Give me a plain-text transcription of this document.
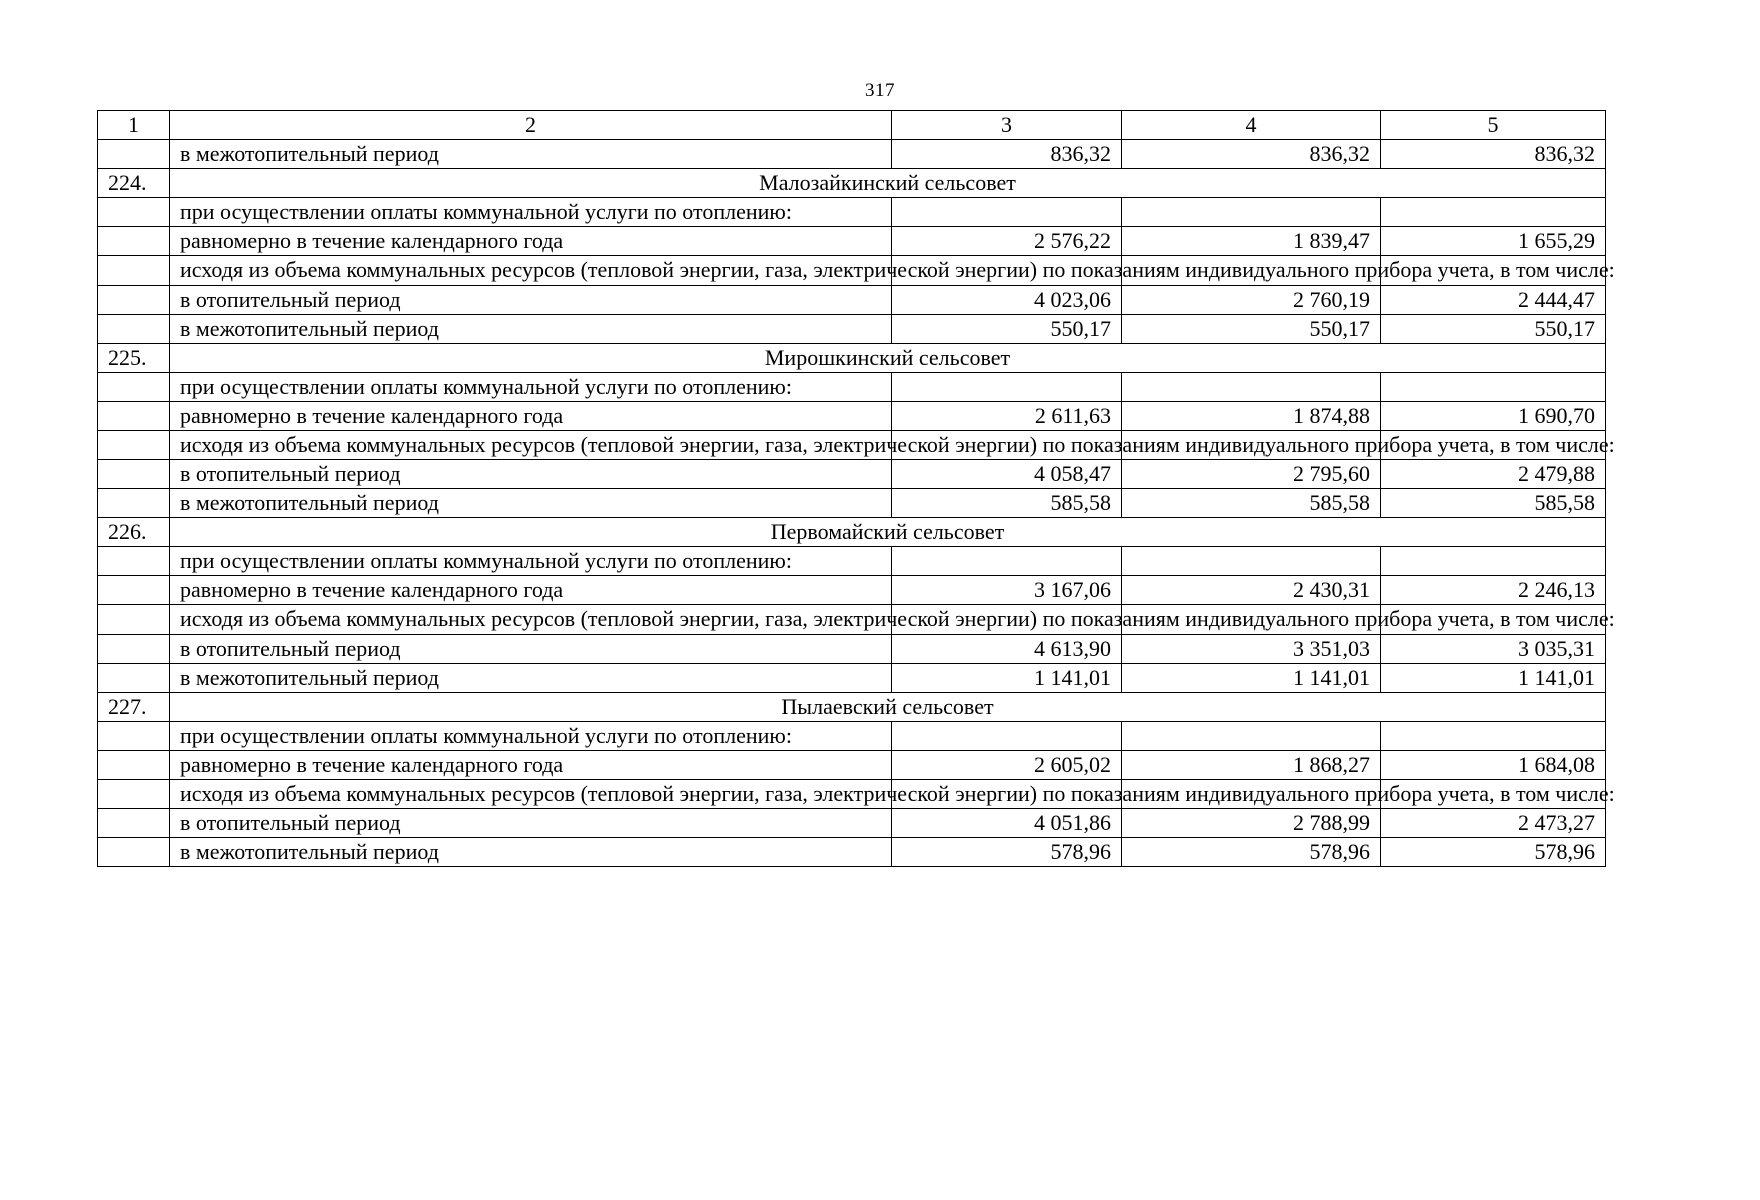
317
1	2	3	4	5
	в межотопительный период	836,32	836,32	836,32
224.	Малозайкинский сельсовет			
	при осуществлении оплаты коммунальной услуги по отоплению:			
	равномерно в течение календарного года	2 576,22	1 839,47	1 655,29
	исходя из объема коммунальных ресурсов (тепловой энергии, газа, электрической энергии) по показаниям индивидуального прибора учета, в том числе:			
	в отопительный период	4 023,06	2 760,19	2 444,47
	в межотопительный период	550,17	550,17	550,17
225.	Мирошкинский сельсовет			
	при осуществлении оплаты коммунальной услуги по отоплению:			
	равномерно в течение календарного года	2 611,63	1 874,88	1 690,70
	исходя из объема коммунальных ресурсов (тепловой энергии, газа, электрической энергии) по показаниям индивидуального прибора учета, в том числе:			
	в отопительный период	4 058,47	2 795,60	2 479,88
	в межотопительный период	585,58	585,58	585,58
226.	Первомайский сельсовет			
	при осуществлении оплаты коммунальной услуги по отоплению:			
	равномерно в течение календарного года	3 167,06	2 430,31	2 246,13
	исходя из объема коммунальных ресурсов (тепловой энергии, газа, электрической энергии) по показаниям индивидуального прибора учета, в том числе:			
	в отопительный период	4 613,90	3 351,03	3 035,31
	в межотопительный период	1 141,01	1 141,01	1 141,01
227.	Пылаевский сельсовет			
	при осуществлении оплаты коммунальной услуги по отоплению:			
	равномерно в течение календарного года	2 605,02	1 868,27	1 684,08
	исходя из объема коммунальных ресурсов (тепловой энергии, газа, электрической энергии) по показаниям индивидуального прибора учета, в том числе:			
	в отопительный период	4 051,86	2 788,99	2 473,27
	в межотопительный период	578,96	578,96	578,96
